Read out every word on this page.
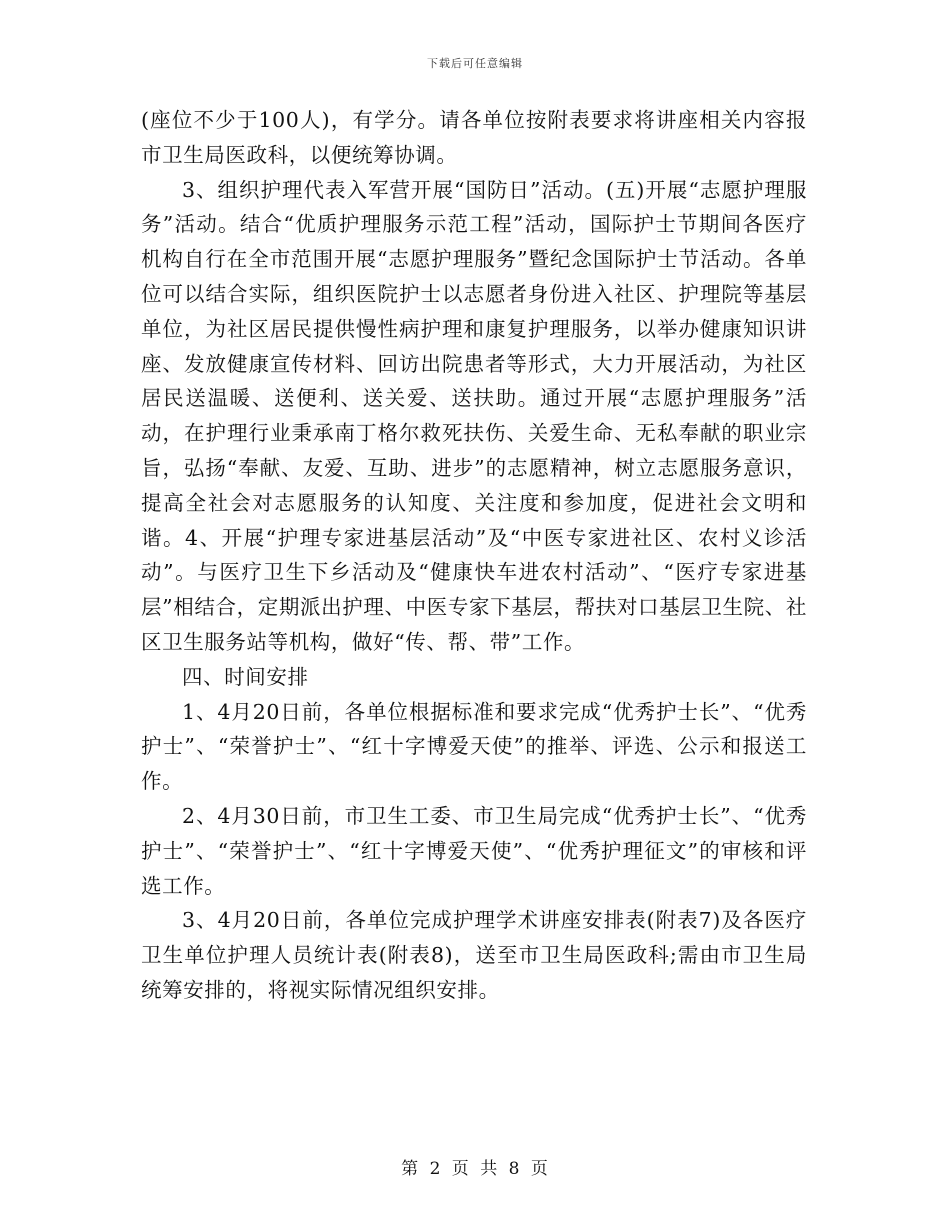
下载后可任意编辑

(座位不少于100人)，有学分。请各单位按附表要求将讲座相关内容报市卫生局医政科，以便统筹协调。

3、组织护理代表入军营开展“国防日”活动。(五)开展“志愿护理服务”活动。结合“优质护理服务示范工程”活动，国际护士节期间各医疗机构自行在全市范围开展“志愿护理服务”暨纪念国际护士节活动。各单位可以结合实际，组织医院护士以志愿者身份进入社区、护理院等基层单位，为社区居民提供慢性病护理和康复护理服务，以举办健康知识讲座、发放健康宣传材料、回访出院患者等形式，大力开展活动，为社区居民送温暖、送便利、送关爱、送扶助。通过开展“志愿护理服务”活动，在护理行业秉承南丁格尔救死扶伤、关爱生命、无私奉献的职业宗旨，弘扬“奉献、友爱、互助、进步”的志愿精神，树立志愿服务意识，提高全社会对志愿服务的认知度、关注度和参加度，促进社会文明和谐。4、开展“护理专家进基层活动”及“中医专家进社区、农村义诊活动”。与医疗卫生下乡活动及“健康快车进农村活动”、“医疗专家进基层”相结合，定期派出护理、中医专家下基层，帮扶对口基层卫生院、社区卫生服务站等机构，做好“传、帮、带”工作。

四、时间安排

1、4月20日前，各单位根据标准和要求完成“优秀护士长”、“优秀护士”、“荣誉护士”、“红十字博爱天使”的推举、评选、公示和报送工作。

2、4月30日前，市卫生工委、市卫生局完成“优秀护士长”、“优秀护士”、“荣誉护士”、“红十字博爱天使”、“优秀护理征文”的审核和评选工作。

3、4月20日前，各单位完成护理学术讲座安排表(附表7)及各医疗卫生单位护理人员统计表(附表8)，送至市卫生局医政科;需由市卫生局统筹安排的，将视实际情况组织安排。

第 2 页 共 8 页
